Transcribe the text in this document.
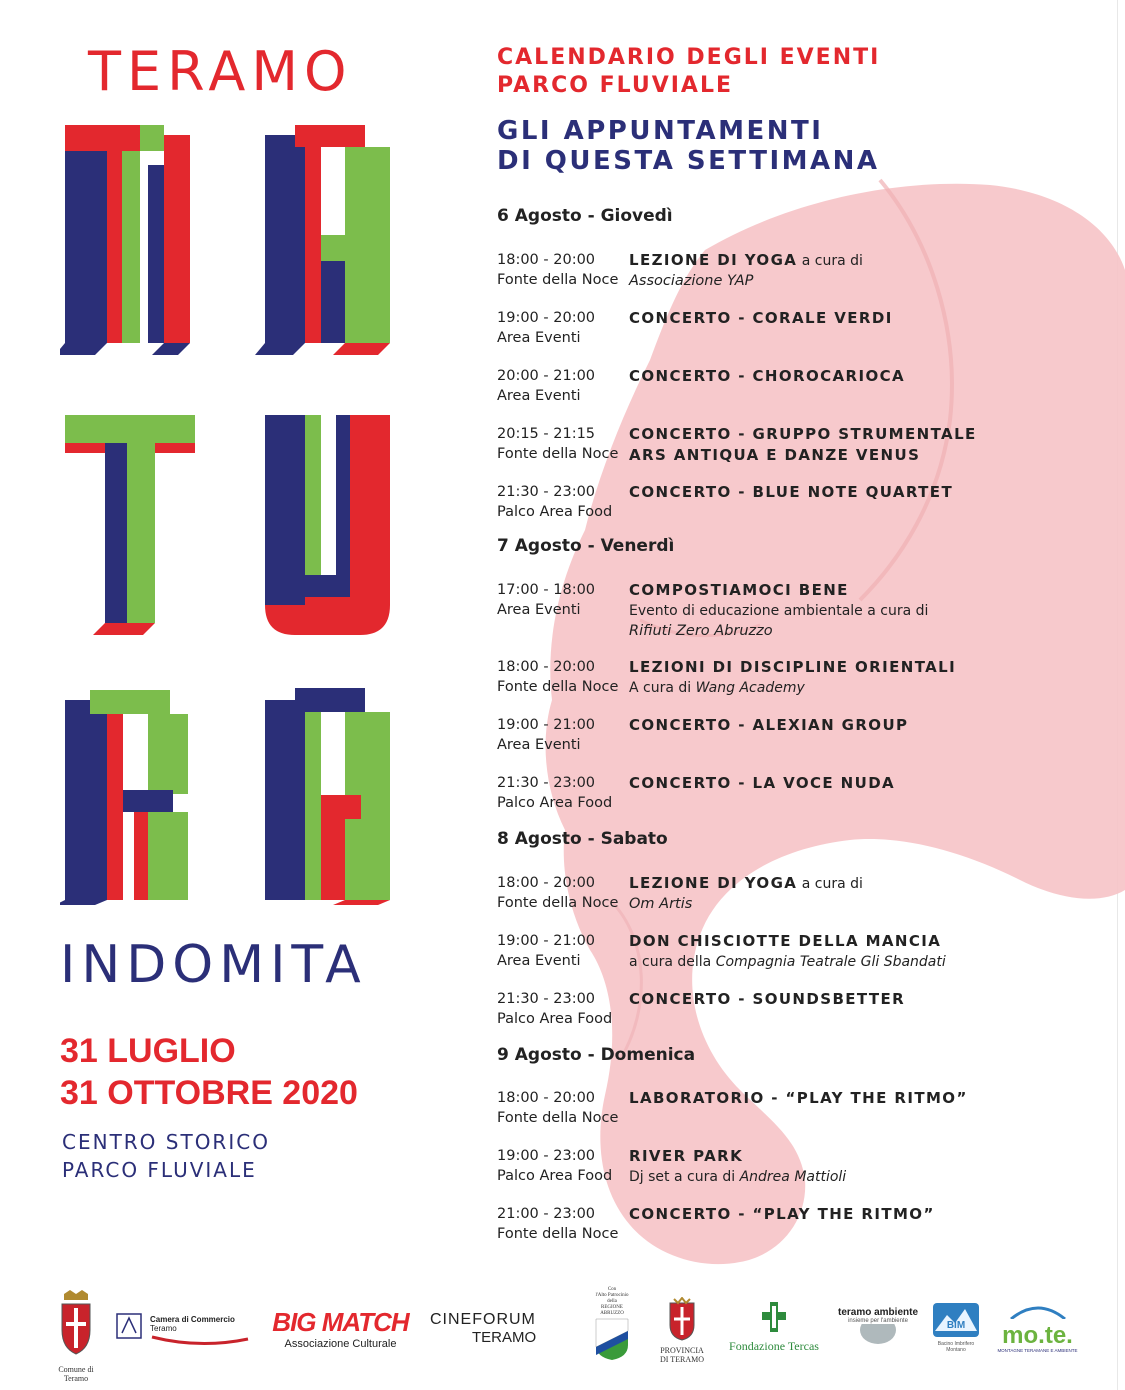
TERAMO
INDOMITA
31 LUGLIO
31 OTTOBRE 2020
CENTRO STORICO
PARCO FLUVIALE
CALENDARIO DEGLI EVENTI
PARCO FLUVIALE
GLI APPUNTAMENTI
DI QUESTA SETTIMANA
6 Agosto - Giovedì
18:00 - 20:00
Fonte della Noce
LEZIONE DI YOGA a cura di
Associazione YAP
19:00 - 20:00
Area Eventi
CONCERTO - CORALE VERDI
20:00 - 21:00
Area Eventi
CONCERTO - CHOROCARIOCA
20:15 - 21:15
Fonte della Noce
CONCERTO - GRUPPO STRUMENTALE
ARS ANTIQUA E DANZE VENUS
21:30 - 23:00
Palco Area Food
CONCERTO - BLUE NOTE QUARTET
7 Agosto - Venerdì
17:00 - 18:00
Area Eventi
COMPOSTIAMOCI BENE
Evento di educazione ambientale a cura di
Rifiuti Zero Abruzzo
18:00 - 20:00
Fonte della Noce
LEZIONI DI DISCIPLINE ORIENTALI
A cura di Wang Academy
19:00 - 21:00
Area Eventi
CONCERTO - ALEXIAN GROUP
21:30 - 23:00
Palco Area Food
CONCERTO - LA VOCE NUDA
8 Agosto - Sabato
18:00 - 20:00
Fonte della Noce
LEZIONE DI YOGA a cura di
Om Artis
19:00 - 21:00
Area Eventi
DON CHISCIOTTE DELLA MANCIA
a cura della Compagnia Teatrale Gli Sbandati
21:30 - 23:00
Palco Area Food
CONCERTO - SOUNDSBETTER
9 Agosto - Domenica
18:00 - 20:00
Fonte della Noce
LABORATORIO - “PLAY THE RITMO”
19:00 - 23:00
Palco Area Food
RIVER PARK
Dj set a cura di Andrea Mattioli
21:00 - 23:00
Fonte della Noce
CONCERTO - “PLAY THE RITMO”
Comune di Teramo
Camera di Commercio
Teramo	BIG MATCH
Associazione Culturale
CINEFORUM
TERAMO
Con
l'Alto Patrocinio
della
REGIONE
ABRUZZO
PROVINCIA
DI TERAMO
Fondazione Tercas
teramo ambiente
insieme per l'ambiente	BIM
Bacino Imbrifero Montano
mo.te.
MONTAGNE TERAMANE E AMBIENTE
